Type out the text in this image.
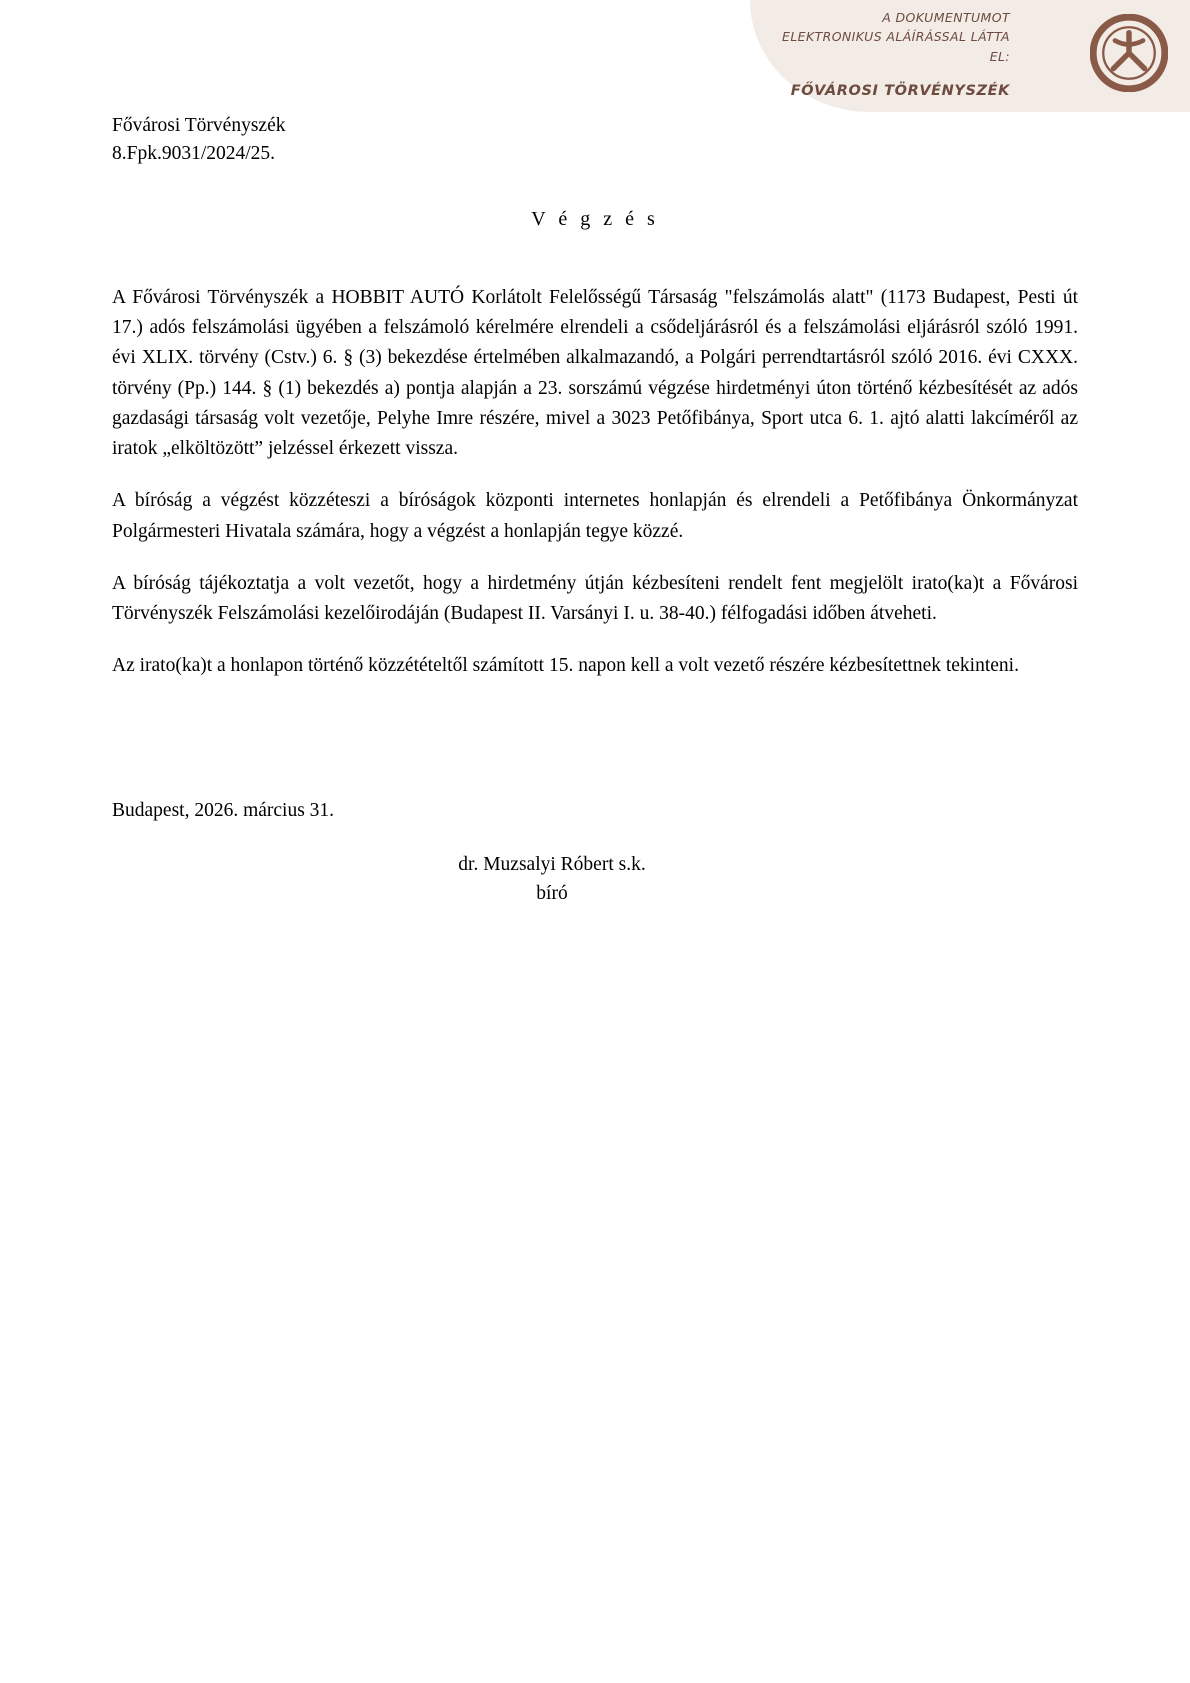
A DOKUMENTUMOT
ELEKTRONIKUS ALÁÍRÁSSAL LÁTTA EL:
FŐVÁROSI TÖRVÉNYSZÉK
Fővárosi Törvényszék
8.Fpk.9031/2024/25.
V é g z é s

A Fővárosi Törvényszék a HOBBIT AUTÓ Korlátolt Felelősségű Társaság "felszámolás alatt" (1173 Budapest, Pesti út 17.) adós felszámolási ügyében a felszámoló kérelmére elrendeli a csődeljárásról és a felszámolási eljárásról szóló 1991. évi XLIX. törvény (Cstv.) 6. § (3) bekezdése értelmében alkalmazandó, a Polgári perrendtartásról szóló 2016. évi CXXX. törvény (Pp.) 144. § (1) bekezdés a) pontja alapján a 23. sorszámú végzése hirdetményi úton történő kézbesítését az adós gazdasági társaság volt vezetője, Pelyhe Imre részére, mivel a 3023 Petőfibánya, Sport utca 6. 1. ajtó alatti lakcíméről az iratok „elköltözött” jelzéssel érkezett vissza.

A bíróság a végzést közzéteszi a bíróságok központi internetes honlapján és elrendeli a Petőfibánya Önkormányzat Polgármesteri Hivatala számára, hogy a végzést a honlapján tegye közzé.

A bíróság tájékoztatja a volt vezetőt, hogy a hirdetmény útján kézbesíteni rendelt fent megjelölt irato(ka)t a Fővárosi Törvényszék Felszámolási kezelőirodáján (Budapest II. Varsányi I. u. 38-40.) félfogadási időben átveheti.

Az irato(ka)t a honlapon történő közzétételtől számított 15. napon kell a volt vezető részére kézbesítettnek tekinteni.

Budapest, 2026. március 31.
dr. Muzsalyi Róbert s.k.
bíró
